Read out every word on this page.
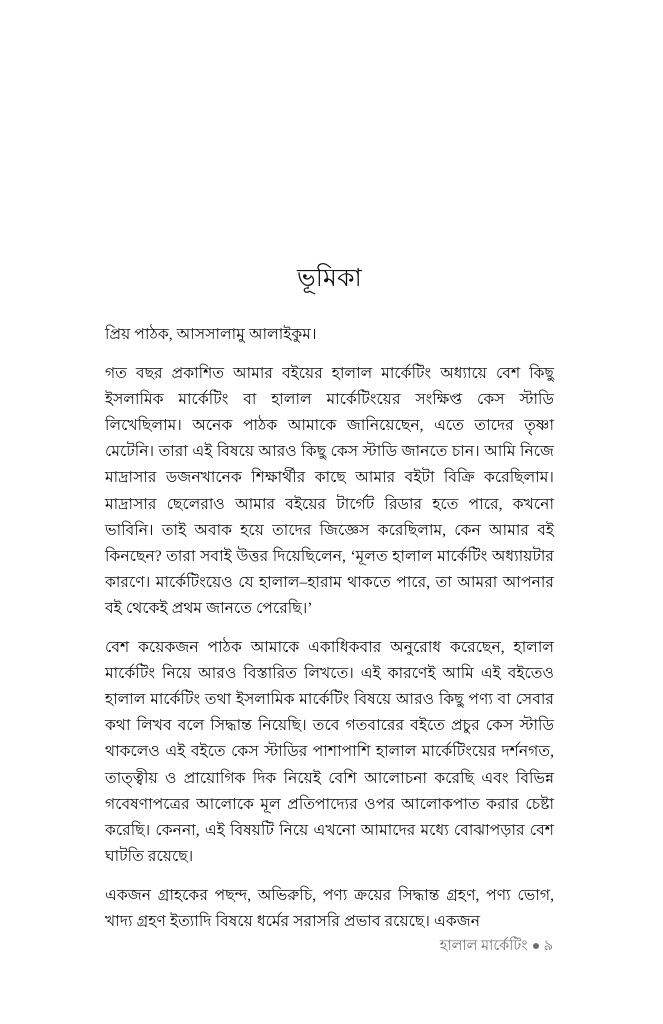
ভূমিকা

প্রিয় পাঠক, আসসালামু আলাইকুম।

গত বছর প্রকাশিত আমার বইয়ের হালাল মার্কেটিং অধ্যায়ে বেশ কিছু ইসলামিক মার্কেটিং বা হালাল মার্কেটিংয়ের সংক্ষিপ্ত কেস স্টাডি লিখেছিলাম। অনেক পাঠক আমাকে জানিয়েছেন, এতে তাদের তৃষ্ণা মেটেনি। তারা এই বিষয়ে আরও কিছু কেস স্টাডি জানতে চান। আমি নিজে মাদ্রাসার ডজনখানেক শিক্ষার্থীর কাছে আমার বইটা বিক্রি করেছিলাম। মাদ্রাসার ছেলেরাও আমার বইয়ের টার্গেট রিডার হতে পারে, কখনো ভাবিনি। তাই অবাক হয়ে তাদের জিজ্ঞেস করেছিলাম, কেন আমার বই কিনছেন? তারা সবাই উত্তর দিয়েছিলেন, ‘মূলত হালাল মার্কেটিং অধ্যায়টার কারণে। মার্কেটিংয়েও যে হালাল–হারাম থাকতে পারে, তা আমরা আপনার বই থেকেই প্রথম জানতে পেরেছি।’

বেশ কয়েকজন পাঠক আমাকে একাধিকবার অনুরোধ করেছেন, হালাল মার্কেটিং নিয়ে আরও বিস্তারিত লিখতে। এই কারণেই আমি এই বইতেও হালাল মার্কেটিং তথা ইসলামিক মার্কেটিং বিষয়ে আরও কিছু পণ্য বা সেবার কথা লিখব বলে সিদ্ধান্ত নিয়েছি। তবে গতবারের বইতে প্রচুর কেস স্টাডি থাকলেও এই বইতে কেস স্টাডির পাশাপাশি হালাল মার্কেটিংয়ের দর্শনগত, তাত্ত্বীয় ও প্রায়োগিক দিক নিয়েই বেশি আলোচনা করেছি এবং বিভিন্ন গবেষণাপত্রের আলোকে মূল প্রতিপাদ্যের ওপর আলোকপাত করার চেষ্টা করেছি। কেননা, এই বিষয়টি নিয়ে এখনো আমাদের মধ্যে বোঝাপড়ার বেশ ঘাটতি রয়েছে।

একজন গ্রাহকের পছন্দ, অভিরুচি, পণ্য ক্রয়ের সিদ্ধান্ত গ্রহণ, পণ্য ভোগ, খাদ্য গ্রহণ ইত্যাদি বিষয়ে ধর্মের সরাসরি প্রভাব রয়েছে। একজন

হালাল মার্কেটিং ৯
